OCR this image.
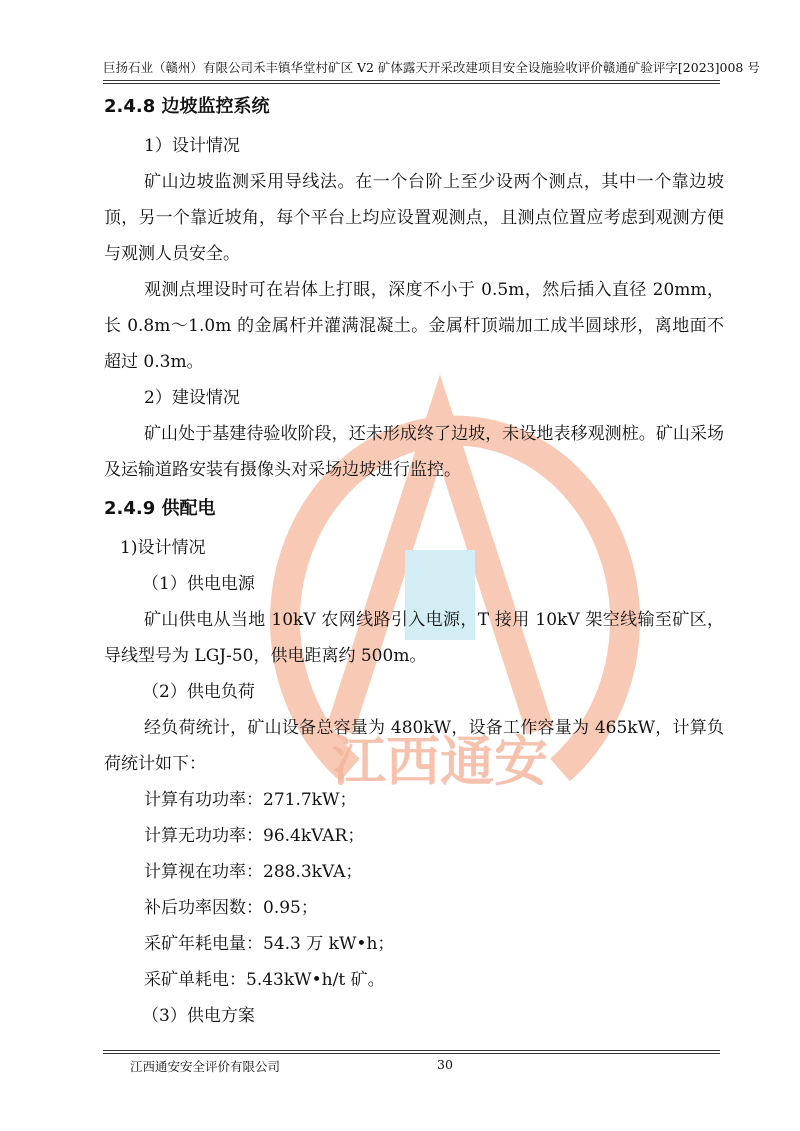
巨扬石业（赣州）有限公司禾丰镇华堂村矿区 V2 矿体露天开采改建项目安全设施验收评价赣通矿验评字[2023]008 号
江西通安

2.4.8 边坡监控系统

1）设计情况

矿山边坡监测采用导线法。在一个台阶上至少设两个测点，其中一个靠边坡顶，另一个靠近坡角，每个平台上均应设置观测点，且测点位置应考虑到观测方便与观测人员安全。

观测点埋设时可在岩体上打眼，深度不小于 0.5m，然后插入直径 20mm，长 0.8m～1.0m 的金属杆并灌满混凝土。金属杆顶端加工成半圆球形，离地面不超过 0.3m。

2）建设情况

矿山处于基建待验收阶段，还未形成终了边坡，未设地表移观测桩。矿山采场及运输道路安装有摄像头对采场边坡进行监控。

2.4.9 供配电

1)设计情况

（1）供电电源

矿山供电从当地 10kV 农网线路引入电源，T 接用 10kV 架空线输至矿区，导线型号为 LGJ-50，供电距离约 500m。

（2）供电负荷

经负荷统计，矿山设备总容量为 480kW，设备工作容量为 465kW，计算负荷统计如下：

计算有功功率：271.7kW；

计算无功功率：96.4kVAR；

计算视在功率：288.3kVA；

补后功率因数：0.95；

采矿年耗电量：54.3 万 kW•h；

采矿单耗电：5.43kW•h/t 矿。

（3）供电方案

江西通安安全评价有限公司	30
